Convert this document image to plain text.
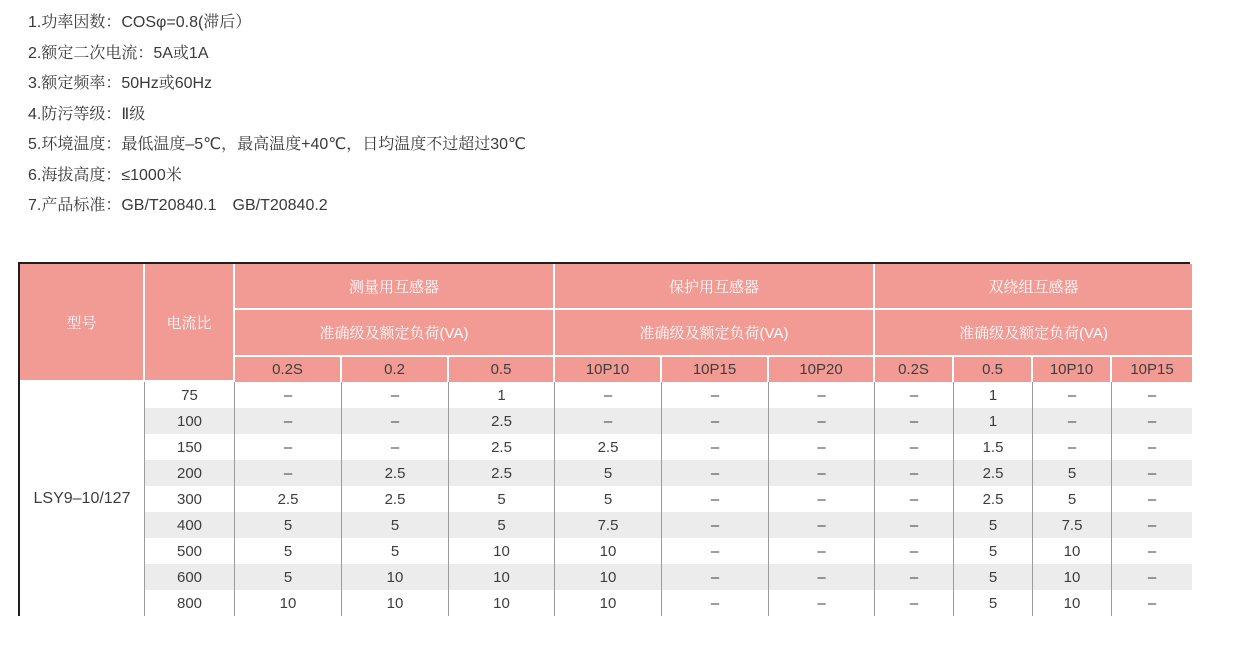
1.功率因数：COSφ=0.8(滞后）
2.额定二次电流：5A或1A
3.额定频率：50Hz或60Hz
4.防污等级：Ⅱ级
5.环境温度：最低温度–5℃，最高温度+40℃，日均温度不过超过30℃
6.海拔高度：≤1000米
7.产品标准：GB/T20840.1　GB/T20840.2
型号	电流比	测量用互感器			保护用互感器			双绕组互感器			
		准确级及额定负荷(VA)			准确级及额定负荷(VA)			准确级及额定负荷(VA)			
		0.2S	0.2	0.5	10P10	10P15	10P20	0.2S	0.5	10P10	10P15
LSY9–10/127	75	–	–	1	–	–	–	–	1	–	–
	100	–	–	2.5	–	–	–	–	1	–	–
	150	–	–	2.5	2.5	–	–	–	1.5	–	–
	200	–	2.5	2.5	5	–	–	–	2.5	5	–
	300	2.5	2.5	5	5	–	–	–	2.5	5	–
	400	5	5	5	7.5	–	–	–	5	7.5	–
	500	5	5	10	10	–	–	–	5	10	–
	600	5	10	10	10	–	–	–	5	10	–
	800	10	10	10	10	–	–	–	5	10	–
